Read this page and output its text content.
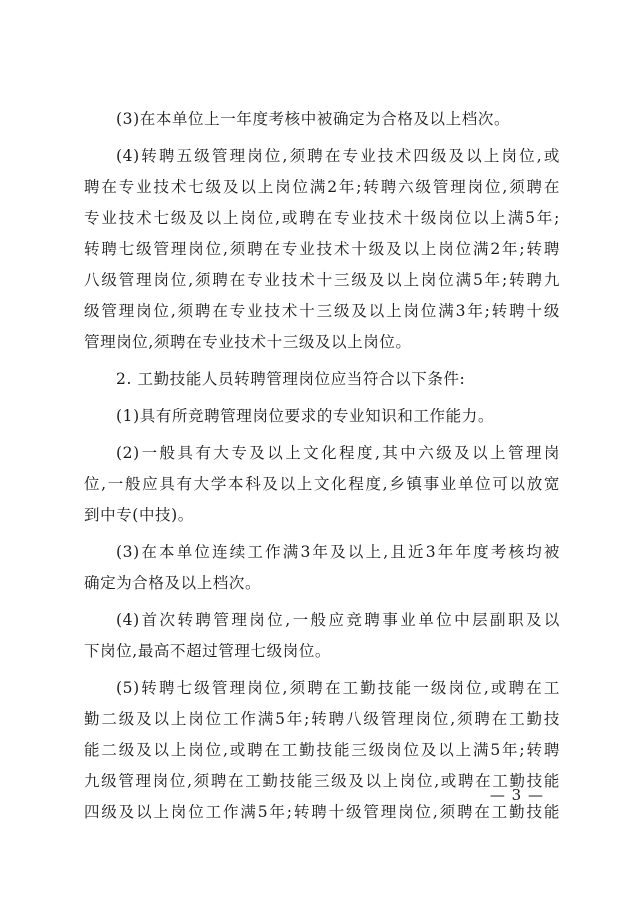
(3)在本单位上一年度考核中被确定为合格及以上档次。
(4)转聘五级管理岗位,须聘在专业技术四级及以上岗位,或
聘在专业技术七级及以上岗位满2年;转聘六级管理岗位,须聘在
专业技术七级及以上岗位,或聘在专业技术十级岗位以上满5年;
转聘七级管理岗位,须聘在专业技术十级及以上岗位满2年;转聘
八级管理岗位,须聘在专业技术十三级及以上岗位满5年;转聘九
级管理岗位,须聘在专业技术十三级及以上岗位满3年;转聘十级
管理岗位,须聘在专业技术十三级及以上岗位。
2. 工勤技能人员转聘管理岗位应当符合以下条件:
(1)具有所竞聘管理岗位要求的专业知识和工作能力。
(2)一般具有大专及以上文化程度,其中六级及以上管理岗
位,一般应具有大学本科及以上文化程度,乡镇事业单位可以放宽
到中专(中技)。
(3)在本单位连续工作满3年及以上,且近3年年度考核均被
确定为合格及以上档次。
(4)首次转聘管理岗位,一般应竞聘事业单位中层副职及以
下岗位,最高不超过管理七级岗位。
(5)转聘七级管理岗位,须聘在工勤技能一级岗位,或聘在工
勤二级及以上岗位工作满5年;转聘八级管理岗位,须聘在工勤技
能二级及以上岗位,或聘在工勤技能三级岗位及以上满5年;转聘
九级管理岗位,须聘在工勤技能三级及以上岗位,或聘在工勤技能
四级及以上岗位工作满5年;转聘十级管理岗位,须聘在工勤技能
— 3 —
